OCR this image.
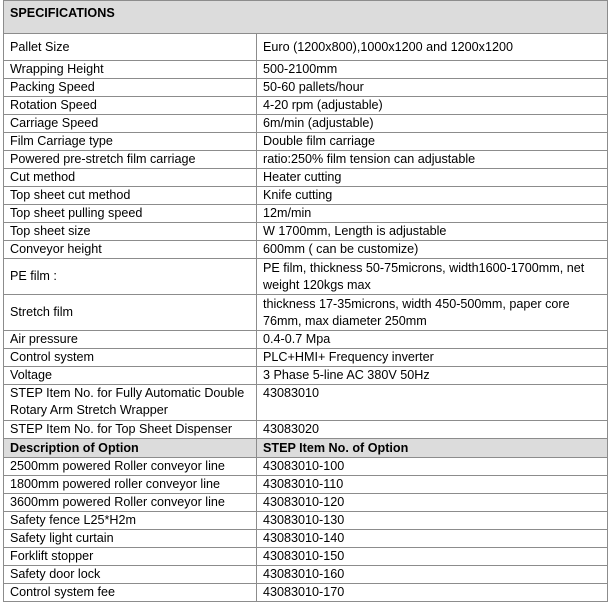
SPECIFICATIONS	
Pallet Size	Euro (1200x800),1000x1200 and 1200x1200
Wrapping Height	500-2100mm
Packing Speed	50-60 pallets/hour
Rotation Speed	4-20 rpm (adjustable)
Carriage Speed	6m/min (adjustable)
Film Carriage type	Double film carriage
Powered pre-stretch film carriage	ratio:250% film tension can adjustable
Cut method	Heater cutting
Top sheet cut method	Knife cutting
Top sheet pulling speed	12m/min
Top sheet size	W 1700mm, Length is adjustable
Conveyor height	600mm ( can be customize)
PE film :	PE film, thickness 50-75microns, width1600-1700mm, net weight 120kgs max
Stretch film	thickness 17-35microns, width 450-500mm, paper core 76mm, max diameter 250mm
Air pressure	0.4-0.7 Mpa
Control system	PLC+HMI+ Frequency inverter
Voltage	3 Phase 5-line AC 380V 50Hz
STEP Item No. for Fully Automatic Double Rotary Arm Stretch Wrapper	43083010
STEP Item No. for Top Sheet Dispenser	43083020
Description of Option	STEP Item No. of Option
2500mm powered Roller conveyor line	43083010-100
1800mm powered roller conveyor line	43083010-110
3600mm powered Roller conveyor line	43083010-120
Safety fence L25*H2m	43083010-130
Safety light curtain	43083010-140
Forklift stopper	43083010-150
Safety door lock	43083010-160
Control system fee	43083010-170
